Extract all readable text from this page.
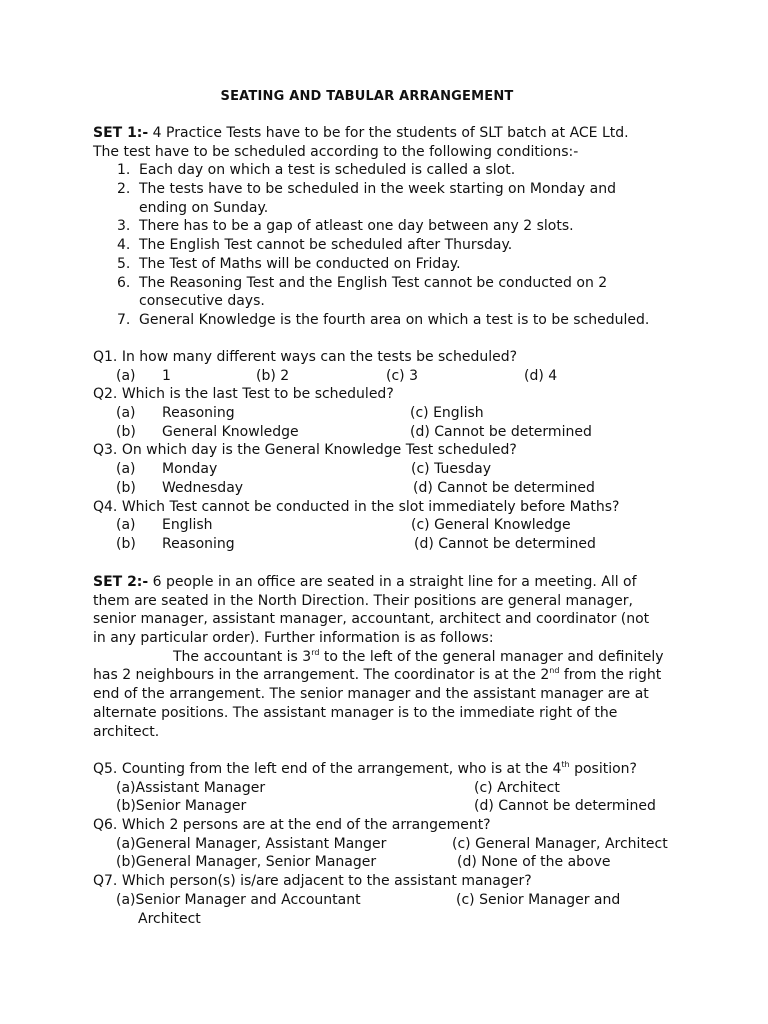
SEATING AND TABULAR ARRANGEMENT
SET 1:- 4 Practice Tests have to be for the students of SLT batch at ACE Ltd.
The test have to be scheduled according to the following conditions:-
1. Each day on which a test is scheduled is called a slot.
2. The tests have to be scheduled in the week starting on Monday and
ending on Sunday.
3. There has to be a gap of atleast one day between any 2 slots.
4. The English Test cannot be scheduled after Thursday.
5. The Test of Maths will be conducted on Friday.
6. The Reasoning Test and the English Test cannot be conducted on 2
consecutive days.
7. General Knowledge is the fourth area on which a test is to be scheduled.
Q1. In how many different ways can the tests be scheduled?
(a) 1	(b) 2	(c) 3	(d) 4
Q2. Which is the last Test to be scheduled?
(a) Reasoning	(c) English
(b) General Knowledge	(d) Cannot be determined
Q3. On which day is the General Knowledge Test scheduled?
(a) Monday	(c) Tuesday
(b) Wednesday	(d) Cannot be determined
Q4. Which Test cannot be conducted in the slot immediately before Maths?
(a) English	(c) General Knowledge
(b) Reasoning	(d) Cannot be determined
SET 2:- 6 people in an office are seated in a straight line for a meeting. All of
them are seated in the North Direction. Their positions are general manager,
senior manager, assistant manager, accountant, architect and coordinator (not
in any particular order). Further information is as follows:
The accountant is 3rd to the left of the general manager and definitely
has 2 neighbours in the arrangement. The coordinator is at the 2nd from the right
end of the arrangement. The senior manager and the assistant manager are at
alternate positions. The assistant manager is to the immediate right of the
architect.
Q5. Counting from the left end of the arrangement, who is at the 4th position?
(a)Assistant Manager	(c) Architect
(b)Senior Manager	(d) Cannot be determined
Q6. Which 2 persons are at the end of the arrangement?
(a)General Manager, Assistant Manger	(c) General Manager, Architect
(b)General Manager, Senior Manager	(d) None of the above
Q7. Which person(s) is/are adjacent to the assistant manager?
(a)Senior Manager and Accountant	(c) Senior Manager and
Architect
